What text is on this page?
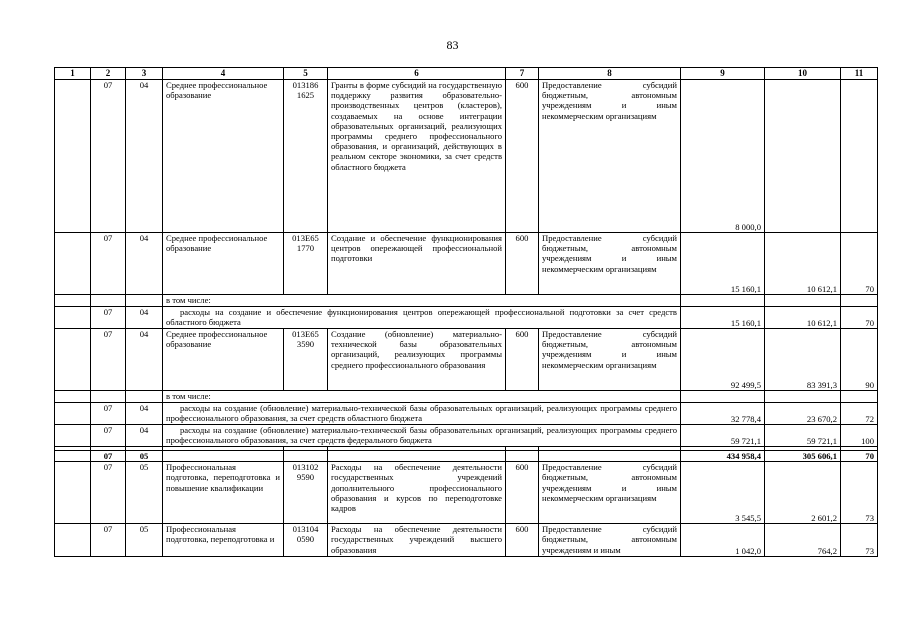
83
1	2	3	4	5	6	7	8	9	10	11
	07	04	Среднее профессиональное образование	013186 1625	Гранты в форме субсидий на государственную поддержку развития образовательно-производственных центров (кластеров), создаваемых на основе интеграции образовательных организаций, реализующих программы среднего профессионального образования, и организаций, действующих в реальном секторе экономики, за счет средств областного бюджета	600	Предоставление субсидий бюджетным, автономным учреждениям и иным некоммерческим организациям	8 000,0		
	07	04	Среднее профессиональное образование	013Е65 1770	Создание и обеспечение функционирования центров опережающей профессиональной подготовки	600	Предоставление субсидий бюджетным, автономным учреждениям и иным некоммерческим организациям	15 160,1	10 612,1	70
			в том числе:							
	07	04	расходы на создание и обеспечение функционирования центров опережающей профессиональной подготовки за счет средств областного бюджета					15 160,1	10 612,1	70
	07	04	Среднее профессиональное образование	013Е65 3590	Создание (обновление) материально-технической базы образовательных организаций, реализующих программы среднего профессионального образования	600	Предоставление субсидий бюджетным, автономным учреждениям и иным некоммерческим организациям	92 499,5	83 391,3	90
			в том числе:							
	07	04	расходы на создание (обновление) материально-технической базы образовательных организаций, реализующих программы среднего профессионального образования, за счет средств областного бюджета					32 778,4	23 670,2	72
	07	04	расходы на создание (обновление) материально-технической базы образовательных организаций, реализующих программы среднего профессионального образования, за счет средств федерального бюджета					59 721,1	59 721,1	100

	07	05						434 958,4	305 606,1	70
	07	05	Профессиональная подготовка, переподготовка и повышение квалификации	013102 9590	Расходы на обеспечение деятельности государственных учреждений дополнительного профессионального образования и курсов по переподготовке кадров	600	Предоставление субсидий бюджетным, автономным учреждениям и иным некоммерческим организациям	3 545,5	2 601,2	73
	07	05	Профессиональная подготовка, переподготовка и	013104 0590	Расходы на обеспечение деятельности государственных учреждений высшего образования	600	Предоставление субсидий бюджетным, автономным учреждениям и иным	1 042,0	764,2	73
